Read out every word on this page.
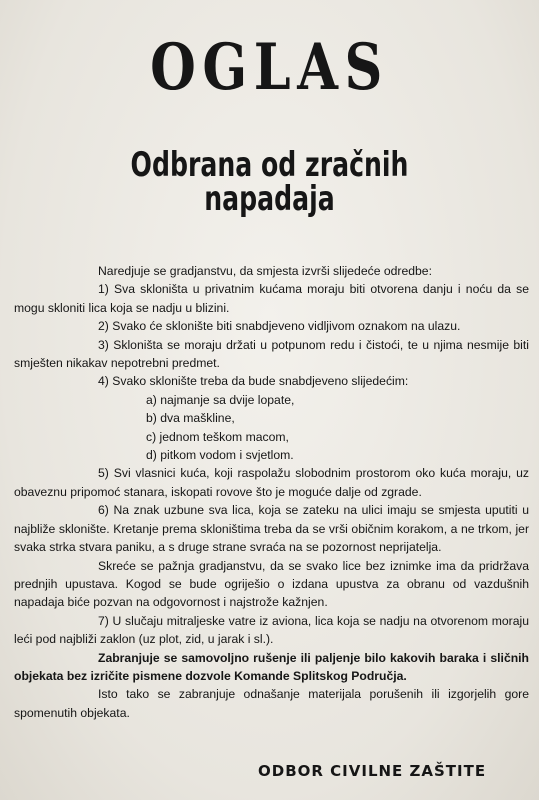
OGLAS
Odbrana od zračnih napadaja

Naredjuje se gradjanstvu, da smjesta izvrši slijedeće odredbe:

1) Sva skloništa u privatnim kućama moraju biti otvorena danju i noću da se mogu skloniti lica koja se nadju u blizini.

2) Svako će sklonište biti snabdjeveno vidljivom oznakom na ulazu.

3) Skloništa se moraju držati u potpunom redu i čistoći, te u njima nesmije biti smješten nikakav nepotrebni predmet.

4) Svako sklonište treba da bude snabdjeveno slijedećim:

a) najmanje sa dvije lopate,

b) dva maškline,

c) jednom teškom macom,

d) pitkom vodom i svjetlom.

5) Svi vlasnici kuća, koji raspolažu slobodnim prostorom oko kuća moraju, uz obaveznu pripomoć stanara, iskopati rovove što je moguće dalje od zgrade.

6) Na znak uzbune sva lica, koja se zateku na ulici imaju se smjesta uputiti u najbliže sklonište. Kretanje prema skloništima treba da se vrši običnim korakom, a ne trkom, jer svaka strka stvara paniku, a s druge strane svraća na se pozornost neprijatelja.

Skreće se pažnja gradjanstvu, da se svako lice bez iznimke ima da pridržava prednjih upustava. Kogod se bude ogriješio o izdana upustva za obranu od vazdušnih napadaja biće pozvan na odgovornost i najstrože kažnjen.

7) U slučaju mitraljeske vatre iz aviona, lica koja se nadju na otvorenom moraju leći pod najbliži zaklon (uz plot, zid, u jarak i sl.).

Zabranjuje se samovoljno rušenje ili paljenje bilo kakovih baraka i sličnih objekata bez izričite pismene dozvole Komande Splitskog Područja.

Isto tako se zabranjuje odnašanje materijala porušenih ili izgorjelih gore spomenutih objekata.

ODBOR CIVILNE ZAŠTITE
